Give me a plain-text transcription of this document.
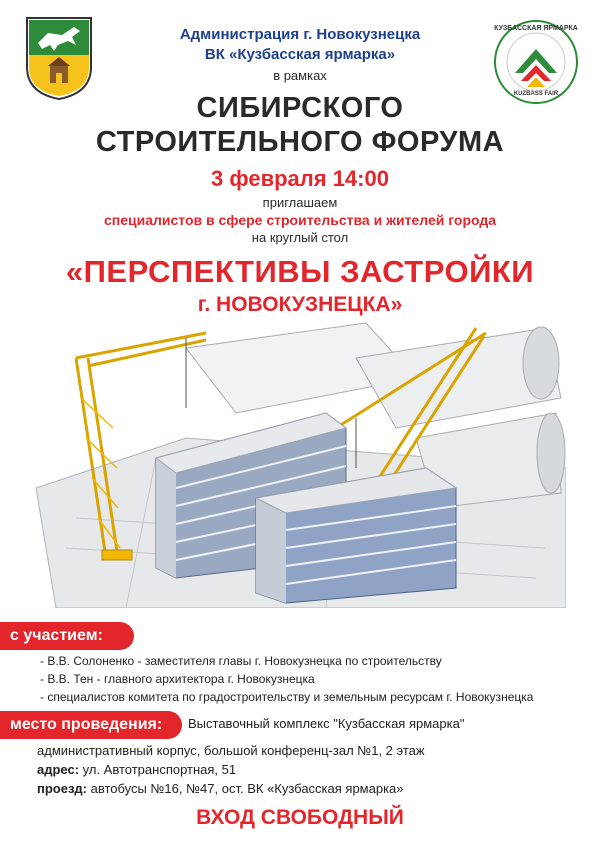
КУЗБАССКАЯ ЯРМАРКА
KUZBASS FAIR
Администрация г. Новокузнецка
ВК «Кузбасская ярмарка»
в рамках
СИБИРСКОГО
СТРОИТЕЛЬНОГО ФОРУМА
3 февраля 14:00
приглашаем
специалистов в сфере строительства и жителей города
на круглый стол
«ПЕРСПЕКТИВЫ ЗАСТРОЙКИ
г. НОВОКУЗНЕЦКА»
с участием:
- В.В. Солоненко - заместителя главы г. Новокузнецка по строительству
- В.В. Тен - главного архитектора г. Новокузнецка
- специалистов комитета по градостроительству и земельным ресурсам г. Новокузнецка
место проведения:	Выставочный комплекс "Кузбасская ярмарка"
административный корпус, большой конференц-зал №1, 2 этаж
адрес: ул. Автотранспортная, 51
проезд: автобусы №16, №47, ост. ВК «Кузбасская ярмарка»
ВХОД СВОБОДНЫЙ
